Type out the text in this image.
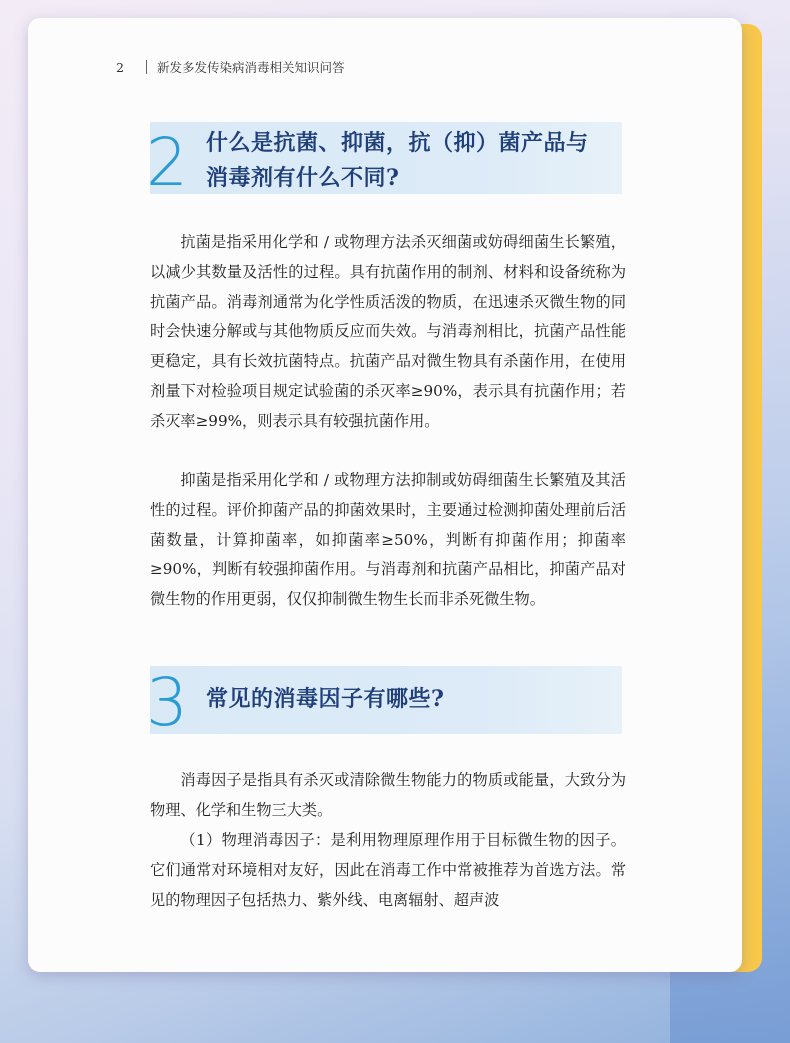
2	新发多发传染病消毒相关知识问答
2 什么是抗菌、抑菌，抗（抑）菌产品与
消毒剂有什么不同?

抗菌是指采用化学和 / 或物理方法杀灭细菌或妨碍细菌生长繁殖，以减少其数量及活性的过程。具有抗菌作用的制剂、材料和设备统称为抗菌产品。消毒剂通常为化学性质活泼的物质，在迅速杀灭微生物的同时会快速分解或与其他物质反应而失效。与消毒剂相比，抗菌产品性能更稳定，具有长效抗菌特点。抗菌产品对微生物具有杀菌作用，在使用剂量下对检验项目规定试验菌的杀灭率≥90%，表示具有抗菌作用；若杀灭率≥99%，则表示具有较强抗菌作用。

抑菌是指采用化学和 / 或物理方法抑制或妨碍细菌生长繁殖及其活性的过程。评价抑菌产品的抑菌效果时，主要通过检测抑菌处理前后活菌数量，计算抑菌率，如抑菌率≥50%，判断有抑菌作用；抑菌率≥90%，判断有较强抑菌作用。与消毒剂和抗菌产品相比，抑菌产品对微生物的作用更弱，仅仅抑制微生物生长而非杀死微生物。

3 常见的消毒因子有哪些?

消毒因子是指具有杀灭或清除微生物能力的物质或能量，大致分为物理、化学和生物三大类。

（1）物理消毒因子：是利用物理原理作用于目标微生物的因子。它们通常对环境相对友好，因此在消毒工作中常被推荐为首选方法。常见的物理因子包括热力、紫外线、电离辐射、超声波
